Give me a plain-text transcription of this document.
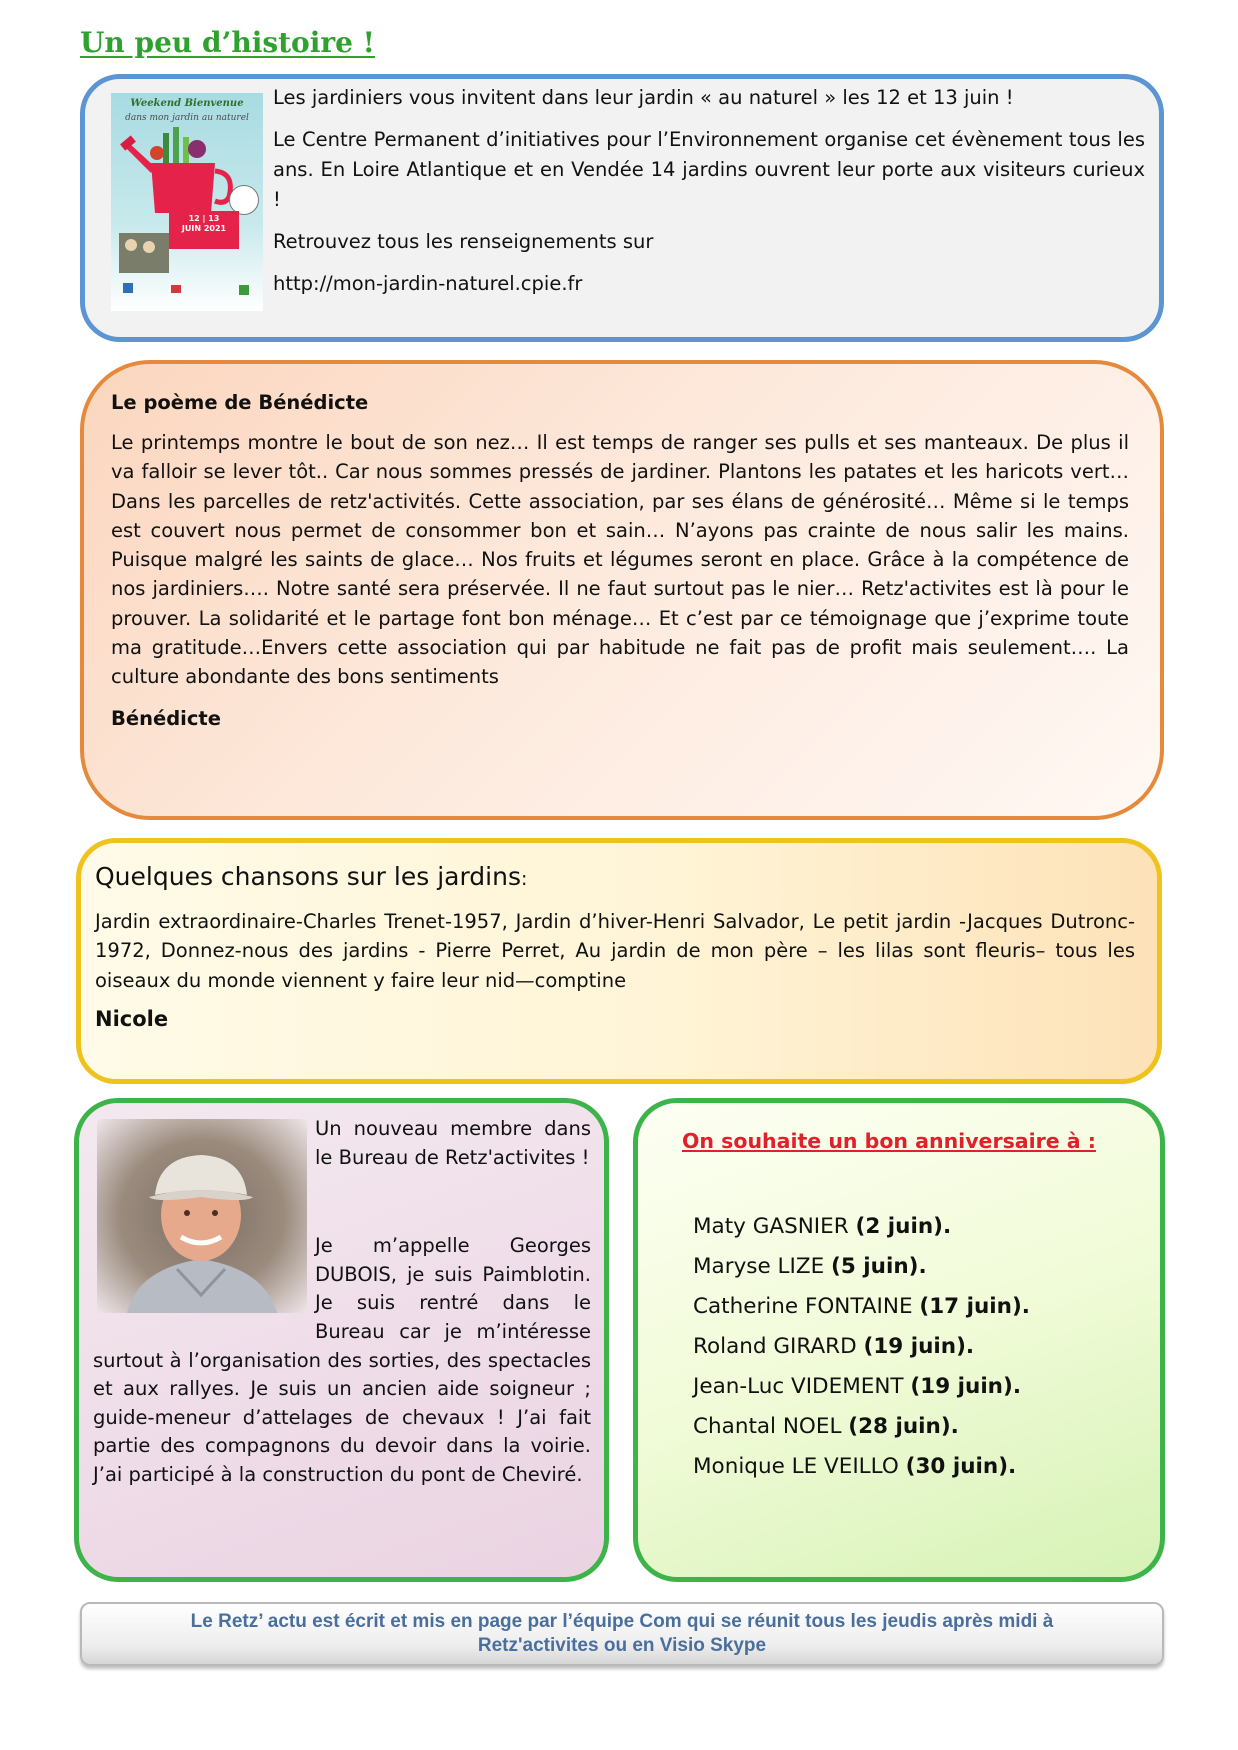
Un peu d’histoire !
Weekend Bienvenue
dans mon jardin au naturel
12 | 13
JUIN 2021

Les jardiniers vous invitent dans leur jardin « au naturel » les 12 et 13 juin !

Le Centre Permanent d’initiatives pour l’Environnement organise cet évènement tous les ans. En Loire Atlantique et en Vendée 14 jardins ouvrent leur porte aux visiteurs curieux !

Retrouvez tous les renseignements sur

http://mon-jardin-naturel.cpie.fr

Le poème de Bénédicte
Le printemps montre le bout de son nez… Il est temps de ranger ses pulls et ses manteaux. De plus il va falloir se lever tôt.. Car nous sommes pressés de jardiner. Plantons les patates et les haricots vert… Dans les parcelles de retz'activités. Cette association, par ses élans de générosité… Même si le temps est couvert nous permet de consommer bon et sain… N’ayons pas crainte de nous salir les mains. Puisque malgré les saints de glace… Nos fruits et légumes seront en place. Grâce à la compétence de nos jardiniers…. Notre santé sera préservée. Il ne faut surtout pas le nier… Retz'activites est là pour le prouver. La solidarité et le partage font bon ménage… Et c’est par ce témoignage que j’exprime toute ma gratitude…Envers cette association qui par habitude ne fait pas de profit mais seulement…. La culture abondante des bons sentiments
Bénédicte
Quelques chansons sur les jardins:
Jardin extraordinaire-Charles Trenet-1957, Jardin d’hiver-Henri Salvador, Le petit jardin -Jacques Dutronc-1972, Donnez-nous des jardins - Pierre Perret, Au jardin de mon père – les lilas sont fleuris– tous les oiseaux du monde viennent y faire leur nid—comptine
Nicole
Un nouveau membre dans le Bureau de Retz'activites !
Je m’appelle Georges DUBOIS, je suis Paimblotin. Je suis rentré dans le Bureau car je m’intéresse surtout à l’organisation des sorties, des spectacles et aux rallyes. Je suis un ancien aide soigneur ; guide-meneur d’attelages de chevaux ! J’ai fait partie des compagnons du devoir dans la voirie. J’ai participé à la construction du pont de Cheviré.
On souhaite un bon anniversaire à :
Maty GASNIER (2 juin).
Maryse LIZE (5 juin).
Catherine FONTAINE (17 juin).
Roland GIRARD (19 juin).
Jean-Luc VIDEMENT (19 juin).
Chantal NOEL (28 juin).
Monique LE VEILLO (30 juin).
Le Retz’ actu est écrit et mis en page par l’équipe Com qui se réunit tous les jeudis après midi à
Retz'activites ou en Visio Skype
